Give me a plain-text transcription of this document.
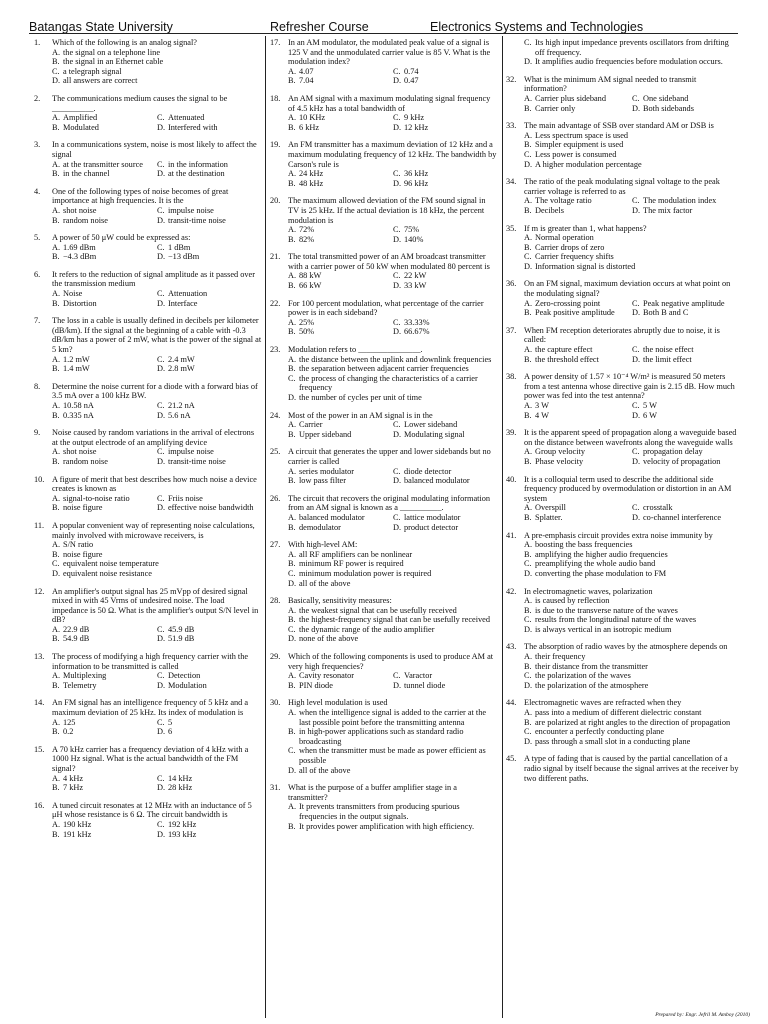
Batangas State University	Refresher Course	Electronics Systems and Technologies
1.	Which of the following is an analog signal?
A. the signal on a telephone line
B. the signal in an Ethernet cable
C. a telegraph signal
D. all answers are correct
2.	The communications medium causes the signal to be __________.
A. Amplified	C. Attenuated
B. Modulated	D. Interfered with
3.	In a communications system, noise is most likely to affect the signal
A. at the transmitter source	C. in the information
B. in the channel	D. at the destination
4.	One of the following types of noise becomes of great importance at high frequencies. It is the
A. shot noise	C. impulse noise
B. random noise	D. transit-time noise
5.	A power of 50 μW could be expressed as:
A. 1.69 dBm	C. 1 dBm
B. −4.3 dBm	D. −13 dBm
6.	It refers to the reduction of signal amplitude as it passed over the transmission medium
A. Noise	C. Attenuation
B. Distortion	D. Interface
7.	The loss in a cable is usually defined in decibels per kilometer (dB/km). If the signal at the beginning of a cable with -0.3 dB/km has a power of 2 mW, what is the power of the signal at 5 km?
A. 1.2 mW	C. 2.4 mW
B. 1.4 mW	D. 2.8 mW
8.	Determine the noise current for a diode with a forward bias of 3.5 mA over a 100 kHz BW.
A. 10.58 nA	C. 21.2 nA
B. 0.335 nA	D. 5.6 nA
9.	Noise caused by random variations in the arrival of electrons at the output electrode of an amplifying device
A. shot noise	C. impulse noise
B. random noise	D. transit-time noise
10. A figure of merit that best describes how much noise a device creates is known as
A. signal-to-noise ratio	C. Friis noise
B. noise figure	D. effective noise bandwidth
11. A popular convenient way of representing noise calculations, mainly involved with microwave receivers, is
A. S/N ratio
B. noise figure
C. equivalent noise temperature
D. equivalent noise resistance
12. An amplifier's output signal has 25 mVpp of desired signal mixed in with 45 Vrms of undesired noise. The load impedance is 50 Ω. What is the amplifier's output S/N level in dB?
A. 22.9 dB	C. 45.9 dB
B. 54.9 dB	D. 51.9 dB
13. The process of modifying a high frequency carrier with the information to be transmitted is called
A. Multiplexing	C. Detection
B. Telemetry	D. Modulation
14. An FM signal has an intelligence frequency of 5 kHz and a maximum deviation of 25 kHz. Its index of modulation is
A. 125	C. 5
B. 0.2	D. 6
15. A 70 kHz carrier has a frequency deviation of 4 kHz with a 1000 Hz signal. What is the actual bandwidth of the FM signal?
A. 4 kHz	C. 14 kHz
B. 7 kHz	D. 28 kHz
16. A tuned circuit resonates at 12 MHz with an inductance of 5 μH whose resistance is 6 Ω. The circuit bandwidth is
A. 190 kHz	C. 192 kHz
B. 191 kHz	D. 193 kHz
17. In an AM modulator, the modulated peak value of a signal is 125 V and the unmodulated carrier value is 85 V. What is the modulation index?
A. 4.07	C. 0.74
B. 7.04	D. 0.47
18. An AM signal with a maximum modulating signal frequency of 4.5 kHz has a total bandwidth of
A. 10 KHz	C. 9 kHz
B. 6 kHz	D. 12 kHz
19. An FM transmitter has a maximum deviation of 12 kHz and a maximum modulating frequency of 12 kHz. The bandwidth by Carson's rule is
A. 24 kHz	C. 36 kHz
B. 48 kHz	D. 96 kHz
20. The maximum allowed deviation of the FM sound signal in TV is 25 kHz. If the actual deviation is 18 kHz, the percent modulation is
A. 72%	C. 75%
B. 82%	D. 140%
21. The total transmitted power of an AM broadcast transmitter with a carrier power of 50 kW when modulated 80 percent is
A. 88 kW	C. 22 kW
B. 66 kW	D. 33 kW
22. For 100 percent modulation, what percentage of the carrier power is in each sideband?
A. 25%	C. 33.33%
B. 50%	D. 66.67%
23. Modulation refers to _______________.
A. the distance between the uplink and downlink frequencies
B. the separation between adjacent carrier frequencies
C. the process of changing the characteristics of a carrier frequency
D. the number of cycles per unit of time
24. Most of the power in an AM signal is in the
A. Carrier	C. Lower sideband
B. Upper sideband	D. Modulating signal
25. A circuit that generates the upper and lower sidebands but no carrier is called
A. series modulator	C. diode detector
B. low pass filter	D. balanced modulator
26. The circuit that recovers the original modulating information from an AM signal is known as a __________.
A. balanced modulator	C. lattice modulator
B. demodulator	D. product detector
27. With high-level AM:
A. all RF amplifiers can be nonlinear
B. minimum RF power is required
C. minimum modulation power is required
D. all of the above
28. Basically, sensitivity measures:
A. the weakest signal that can be usefully received
B. the highest-frequency signal that can be usefully received
C. the dynamic range of the audio amplifier
D. none of the above
29. Which of the following components is used to produce AM at very high frequencies?
A. Cavity resonator	C. Varactor
B. PIN diode	D. tunnel diode
30. High level modulation is used
A. when the intelligence signal is added to the carrier at the last possible point before the transmitting antenna
B. in high-power applications such as standard radio broadcasting
C. when the transmitter must be made as power efficient as possible
D. all of the above
31. What is the purpose of a buffer amplifier stage in a transmitter?
A. It prevents transmitters from producing spurious frequencies in the output signals.
B. It provides power amplification with high efficiency.
C. Its high input impedance prevents oscillators from drifting off frequency.
D. It amplifies audio frequencies before modulation occurs.
32. What is the minimum AM signal needed to transmit information?
A. Carrier plus sideband	C. One sideband
B. Carrier only	D. Both sidebands
33. The main advantage of SSB over standard AM or DSB is
A. Less spectrum space is used
B. Simpler equipment is used
C. Less power is consumed
D. A higher modulation percentage
34. The ratio of the peak modulating signal voltage to the peak carrier voltage is referred to as
A. The voltage ratio	C. The modulation index
B. Decibels	D. The mix factor
35. If m is greater than 1, what happens?
A. Normal operation
B. Carrier drops of zero
C. Carrier frequency shifts
D. Information signal is distorted
36. On an FM signal, maximum deviation occurs at what point on the modulating signal?
A. Zero-crossing point	C. Peak negative amplitude
B. Peak positive amplitude	D. Both B and C
37. When FM reception deteriorates abruptly due to noise, it is called:
A. the capture effect	C. the noise effect
B. the threshold effect	D. the limit effect
38. A power density of 1.57 × 10⁻⁴ W/m² is measured 50 meters from a test antenna whose directive gain is 2.15 dB. How much power was fed into the test antenna?
A. 3 W	C. 5 W
B. 4 W	D. 6 W
39. It is the apparent speed of propagation along a waveguide based on the distance between wavefronts along the waveguide walls
A. Group velocity	C. propagation delay
B. Phase velocity	D. velocity of propagation
40. It is a colloquial term used to describe the additional side frequency produced by overmodulation or distortion in an AM system
A. Overspill	C. crosstalk
B. Splatter.	D. co-channel interference
41. A pre-emphasis circuit provides extra noise immunity by
A. boosting the bass frequencies
B. amplifying the higher audio frequencies
C. preamplifying the whole audio band
D. converting the phase modulation to FM
42. In electromagnetic waves, polarization
A. is caused by reflection
B. is due to the transverse nature of the waves
C. results from the longitudinal nature of the waves
D. is always vertical in an isotropic medium
43. The absorption of radio waves by the atmosphere depends on
A. their frequency
B. their distance from the transmitter
C. the polarization of the waves
D. the polarization of the atmosphere
44. Electromagnetic waves are refracted when they
A. pass into a medium of different dielectric constant
B. are polarized at right angles to the direction of propagation
C. encounter a perfectly conducting plane
D. pass through a small slot in a conducting plane
45. A type of fading that is caused by the partial cancellation of a radio signal by itself because the signal arrives at the receiver by two different paths.
Prepared by: Engr. Jefril M. Amboy (2010)
